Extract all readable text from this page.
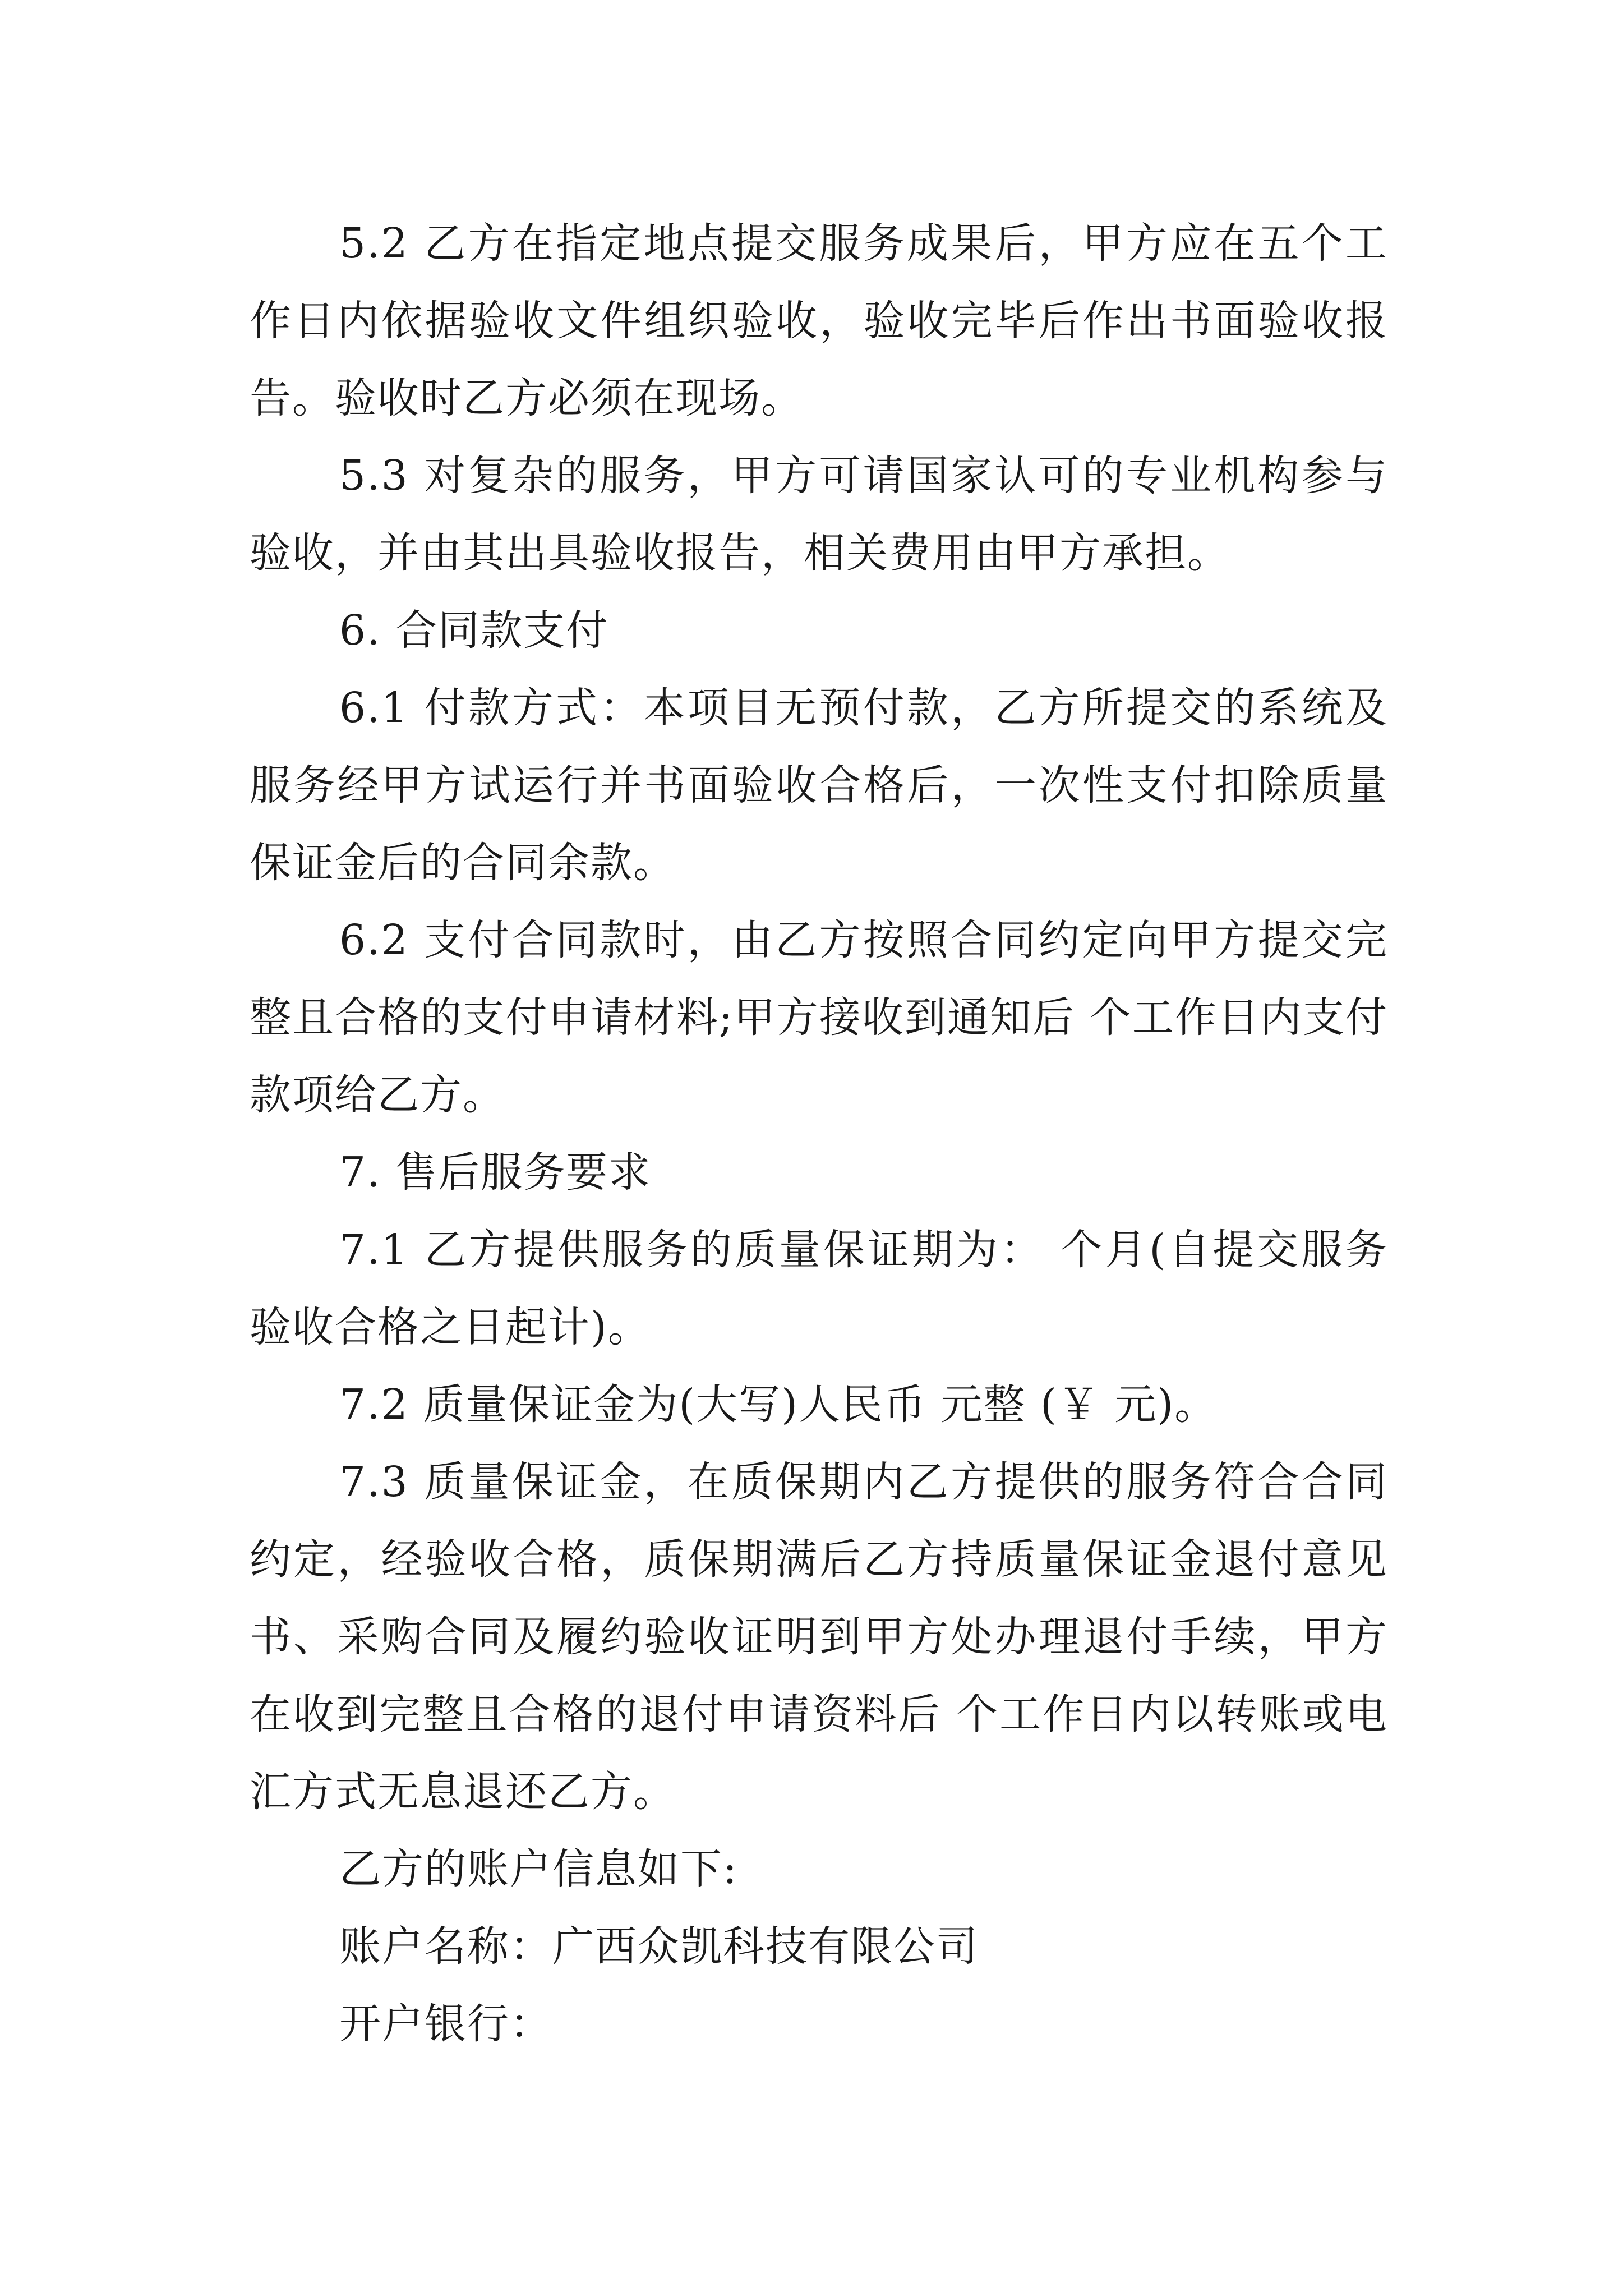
5.2 乙方在指定地点提交服务成果后，甲方应在五个工作日内依据验收文件组织验收，验收完毕后作出书面验收报告。验收时乙方必须在现场。

5.3 对复杂的服务，甲方可请国家认可的专业机构参与验收，并由其出具验收报告，相关费用由甲方承担。

6. 合同款支付

6.1 付款方式：本项目无预付款，乙方所提交的系统及服务经甲方试运行并书面验收合格后，一次性支付扣除质量保证金后的合同余款。

6.2 支付合同款时，由乙方按照合同约定向甲方提交完整且合格的支付申请材料;甲方接收到通知后 个工作日内支付款项给乙方。

7. 售后服务要求

7.1 乙方提供服务的质量保证期为： 个月(自提交服务验收合格之日起计)。

7.2 质量保证金为(大写)人民币 元整 (￥ 元)。

7.3 质量保证金，在质保期内乙方提供的服务符合合同约定，经验收合格，质保期满后乙方持质量保证金退付意见书、采购合同及履约验收证明到甲方处办理退付手续，甲方在收到完整且合格的退付申请资料后 个工作日内以转账或电汇方式无息退还乙方。

乙方的账户信息如下:

账户名称：广西众凯科技有限公司

开户银行：
